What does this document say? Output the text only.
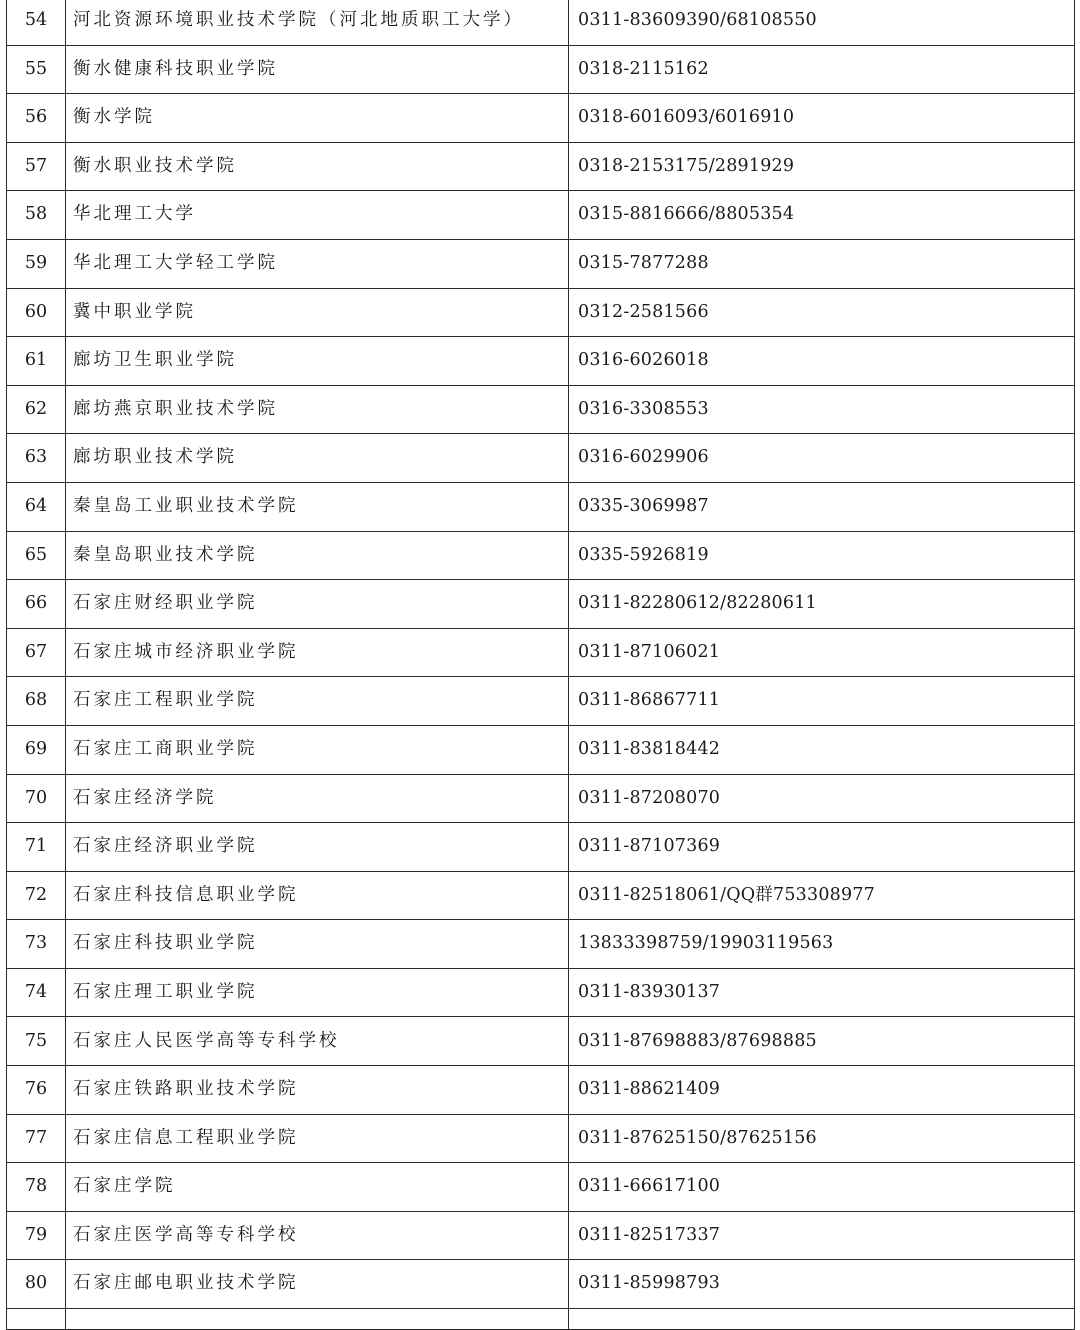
54	河北资源环境职业技术学院（河北地质职工大学）	0311-83609390/68108550
55	衡水健康科技职业学院	0318-2115162
56	衡水学院	0318-6016093/6016910
57	衡水职业技术学院	0318-2153175/2891929
58	华北理工大学	0315-8816666/8805354
59	华北理工大学轻工学院	0315-7877288
60	冀中职业学院	0312-2581566
61	廊坊卫生职业学院	0316-6026018
62	廊坊燕京职业技术学院	0316-3308553
63	廊坊职业技术学院	0316-6029906
64	秦皇岛工业职业技术学院	0335-3069987
65	秦皇岛职业技术学院	0335-5926819
66	石家庄财经职业学院	0311-82280612/82280611
67	石家庄城市经济职业学院	0311-87106021
68	石家庄工程职业学院	0311-86867711
69	石家庄工商职业学院	0311-83818442
70	石家庄经济学院	0311-87208070
71	石家庄经济职业学院	0311-87107369
72	石家庄科技信息职业学院	0311-82518061/QQ群753308977
73	石家庄科技职业学院	13833398759/19903119563
74	石家庄理工职业学院	0311-83930137
75	石家庄人民医学高等专科学校	0311-87698883/87698885
76	石家庄铁路职业技术学院	0311-88621409
77	石家庄信息工程职业学院	0311-87625150/87625156
78	石家庄学院	0311-66617100
79	石家庄医学高等专科学校	0311-82517337
80	石家庄邮电职业技术学院	0311-85998793
